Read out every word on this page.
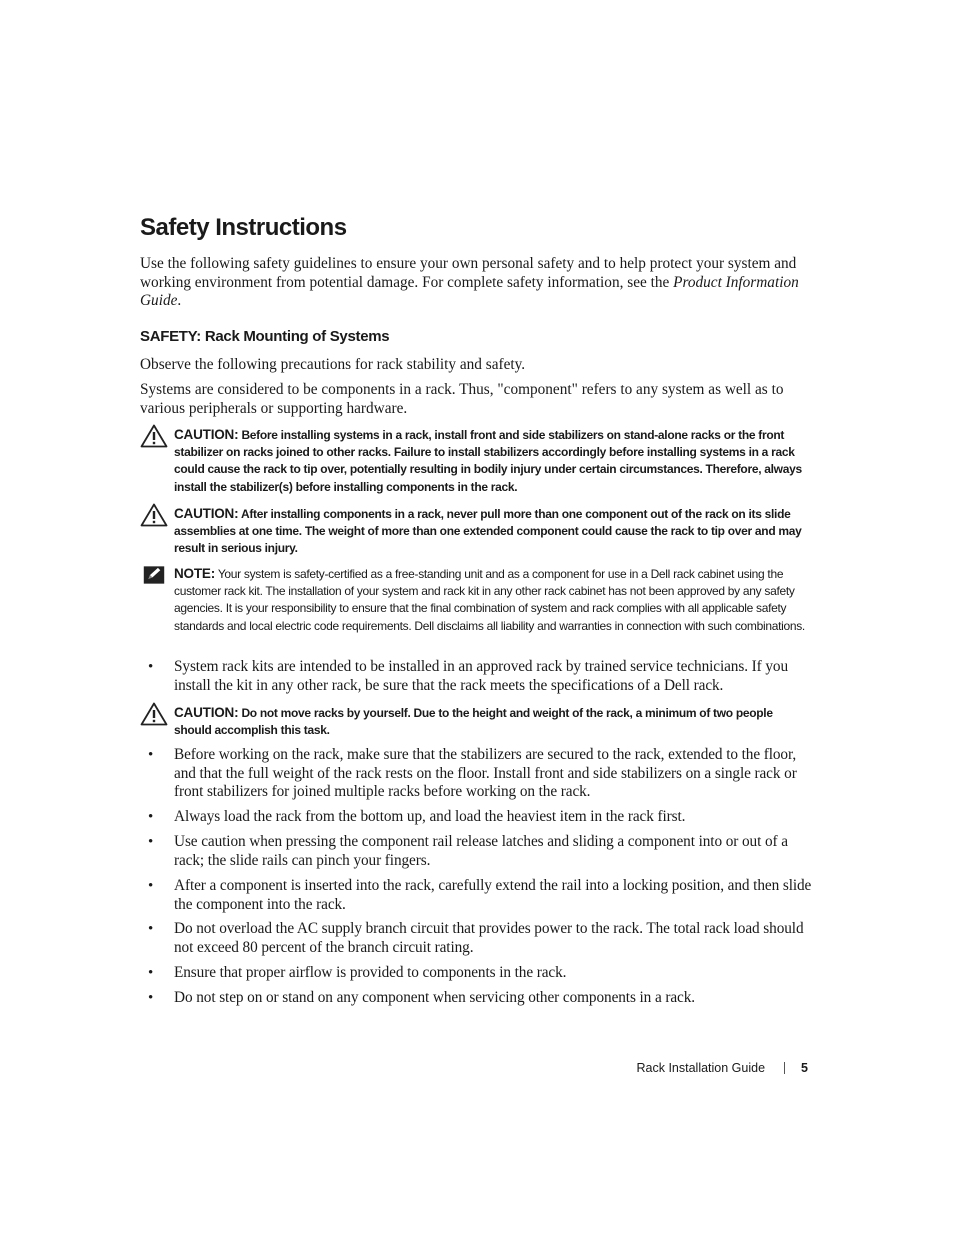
Safety Instructions

Use the following safety guidelines to ensure your own personal safety and to help protect your system and working environment from potential damage. For complete safety information, see the Product Information Guide.

SAFETY: Rack Mounting of Systems

Observe the following precautions for rack stability and safety.

Systems are considered to be components in a rack. Thus, "component" refers to any system as well as to various peripherals or supporting hardware.

CAUTION: Before installing systems in a rack, install front and side stabilizers on stand-alone racks or the front stabilizer on racks joined to other racks. Failure to install stabilizers accordingly before installing systems in a rack could cause the rack to tip over, potentially resulting in bodily injury under certain circumstances. Therefore, always install the stabilizer(s) before installing components in the rack.
CAUTION: After installing components in a rack, never pull more than one component out of the rack on its slide assemblies at one time. The weight of more than one extended component could cause the rack to tip over and may result in serious injury.
NOTE: Your system is safety-certified as a free-standing unit and as a component for use in a Dell rack cabinet using the customer rack kit. The installation of your system and rack kit in any other rack cabinet has not been approved by any safety agencies. It is your responsibility to ensure that the final combination of system and rack complies with all applicable safety standards and local electric code requirements. Dell disclaims all liability and warranties in connection with such combinations.
• System rack kits are intended to be installed in an approved rack by trained service technicians. If you install the kit in any other rack, be sure that the rack meets the specifications of a Dell rack.
CAUTION: Do not move racks by yourself. Due to the height and weight of the rack, a minimum of two people should accomplish this task.
• Before working on the rack, make sure that the stabilizers are secured to the rack, extended to the floor, and that the full weight of the rack rests on the floor. Install front and side stabilizers on a single rack or front stabilizers for joined multiple racks before working on the rack.
• Always load the rack from the bottom up, and load the heaviest item in the rack first.
• Use caution when pressing the component rail release latches and sliding a component into or out of a rack; the slide rails can pinch your fingers.
• After a component is inserted into the rack, carefully extend the rail into a locking position, and then slide the component into the rack.
• Do not overload the AC supply branch circuit that provides power to the rack. The total rack load should not exceed 80 percent of the branch circuit rating.
• Ensure that proper airflow is provided to components in the rack.
• Do not step on or stand on any component when servicing other components in a rack.
Rack Installation Guide	5
